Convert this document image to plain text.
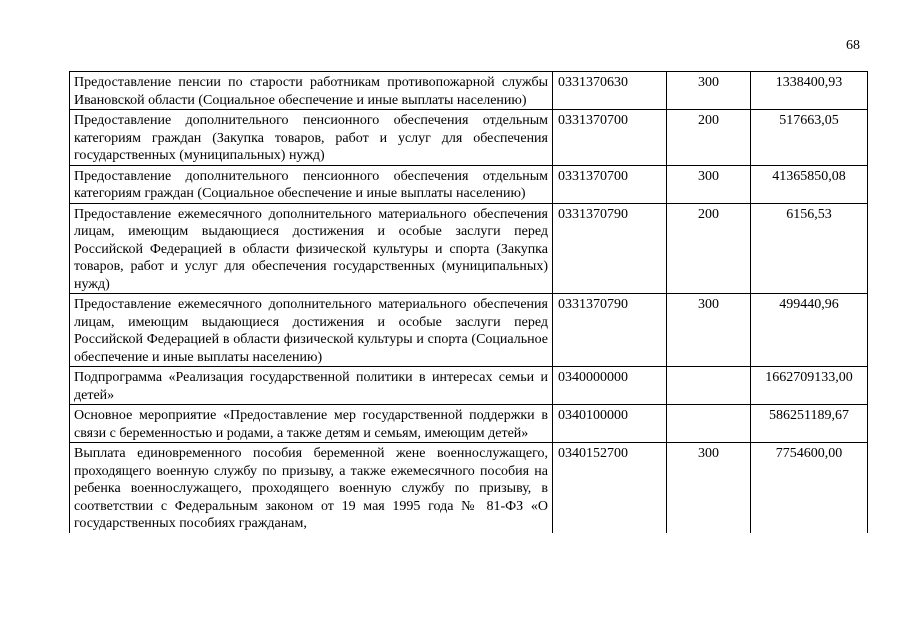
68
Предоставление пенсии по старости работникам противопожарной службы Ивановской области (Социальное обеспечение и иные выплаты населению)	0331370630	300	1338400,93
Предоставление дополнительного пенсионного обеспечения отдельным категориям граждан (Закупка товаров, работ и услуг для обеспечения государственных (муниципальных) нужд)	0331370700	200	517663,05
Предоставление дополнительного пенсионного обеспечения отдельным категориям граждан (Социальное обеспечение и иные выплаты населению)	0331370700	300	41365850,08
Предоставление ежемесячного дополнительного материального обеспечения лицам, имеющим выдающиеся достижения и особые заслуги перед Российской Федерацией в области физической культуры и спорта (Закупка товаров, работ и услуг для обеспечения государственных (муниципальных) нужд)	0331370790	200	6156,53
Предоставление ежемесячного дополнительного материального обеспечения лицам, имеющим выдающиеся достижения и особые заслуги перед Российской Федерацией в области физической культуры и спорта (Социальное обеспечение и иные выплаты населению)	0331370790	300	499440,96
Подпрограмма «Реализация государственной политики в интересах семьи и детей»	0340000000		1662709133,00
Основное мероприятие «Предоставление мер государственной поддержки в связи с беременностью и родами, а также детям и семьям, имеющим детей»	0340100000		586251189,67
Выплата единовременного пособия беременной жене военнослужащего, проходящего военную службу по призыву, а также ежемесячного пособия на ребенка военнослужащего, проходящего военную службу по призыву, в соответствии с Федеральным законом от 19 мая 1995 года № 81-ФЗ «О государственных пособиях гражданам,	0340152700	300	7754600,00
